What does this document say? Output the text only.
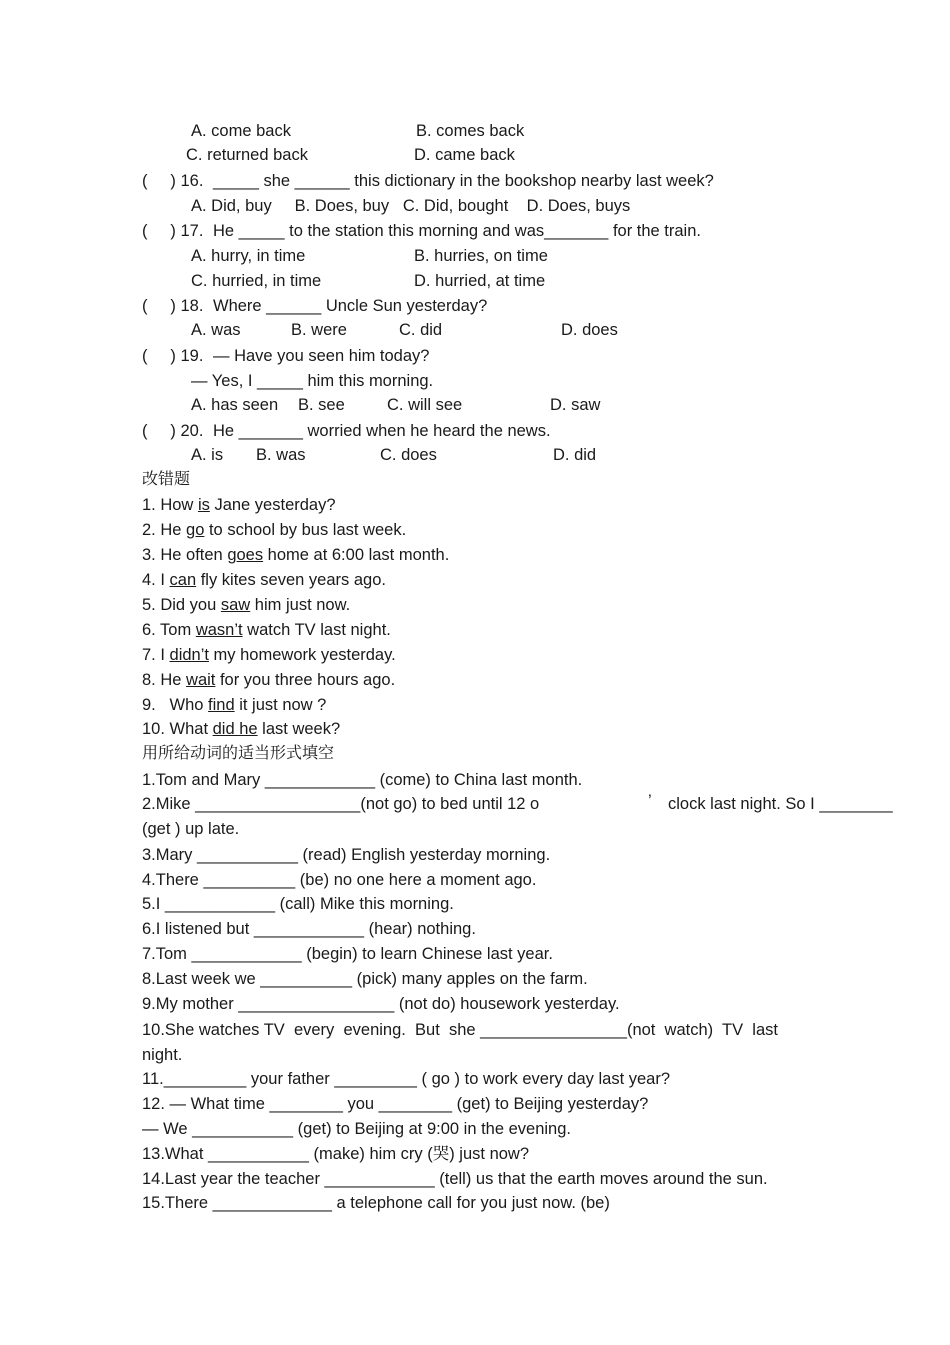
A. come back	B. comes back
C. returned back	D. came back
(     ) 16. _____ she ______ this dictionary in the bookshop nearby last week?
A. Did, buy     B. Does, buy   C. Did, bought    D. Does, buys
(     ) 17. He _____ to the station this morning and was_______ for the train.
A. hurry, in time	B. hurries, on time
C. hurried, in time	D. hurried, at time
(     ) 18. Where ______ Uncle Sun yesterday?
A. was	B. were	C. did	D. does
(     ) 19. — Have you seen him today?
— Yes, I _____ him this morning.
A. has seen B. see	C. will see	D. saw
(     ) 20. He _______ worried when he heard the news.
A. is B. was	C. does	D. did
改错题
1. How is Jane yesterday?
2. He go to school by bus last week.
3. He often goes home at 6:00 last month.
4. I can fly kites seven years ago.
5. Did you saw him just now.
6. Tom wasn’t watch TV last night.
7. I didn’t my homework yesterday.
8. He wait for you three hours ago.
9.   Who find it just now ?
10. What did he last week?
用所给动词的适当形式填空
1.Tom and Mary ____________ (come) to China last month.
2.Mike __________________(not go) to bed until 12 o	’ clock last night. So I ________
(get ) up late.
3.Mary ___________ (read) English yesterday morning.
4.There __________ (be) no one here a moment ago.
5.I ____________ (call) Mike this morning.
6.I listened but ____________ (hear) nothing.
7.Tom ____________ (begin) to learn Chinese last year.
8.Last week we __________ (pick) many apples on the farm.
9.My mother _________________ (not do) housework yesterday.
10.She watches TV  every  evening.  But  she ________________(not  watch)  TV  last
night.
11._________ your father _________ ( go ) to work every day last year?
12. — What time ________ you ________ (get) to Beijing yesterday?
— We ___________ (get) to Beijing at 9:00 in the evening.
13.What ___________ (make) him cry (哭) just now?
14.Last year the teacher ____________ (tell) us that the earth moves around the sun.
15.There _____________ a telephone call for you just now. (be)
